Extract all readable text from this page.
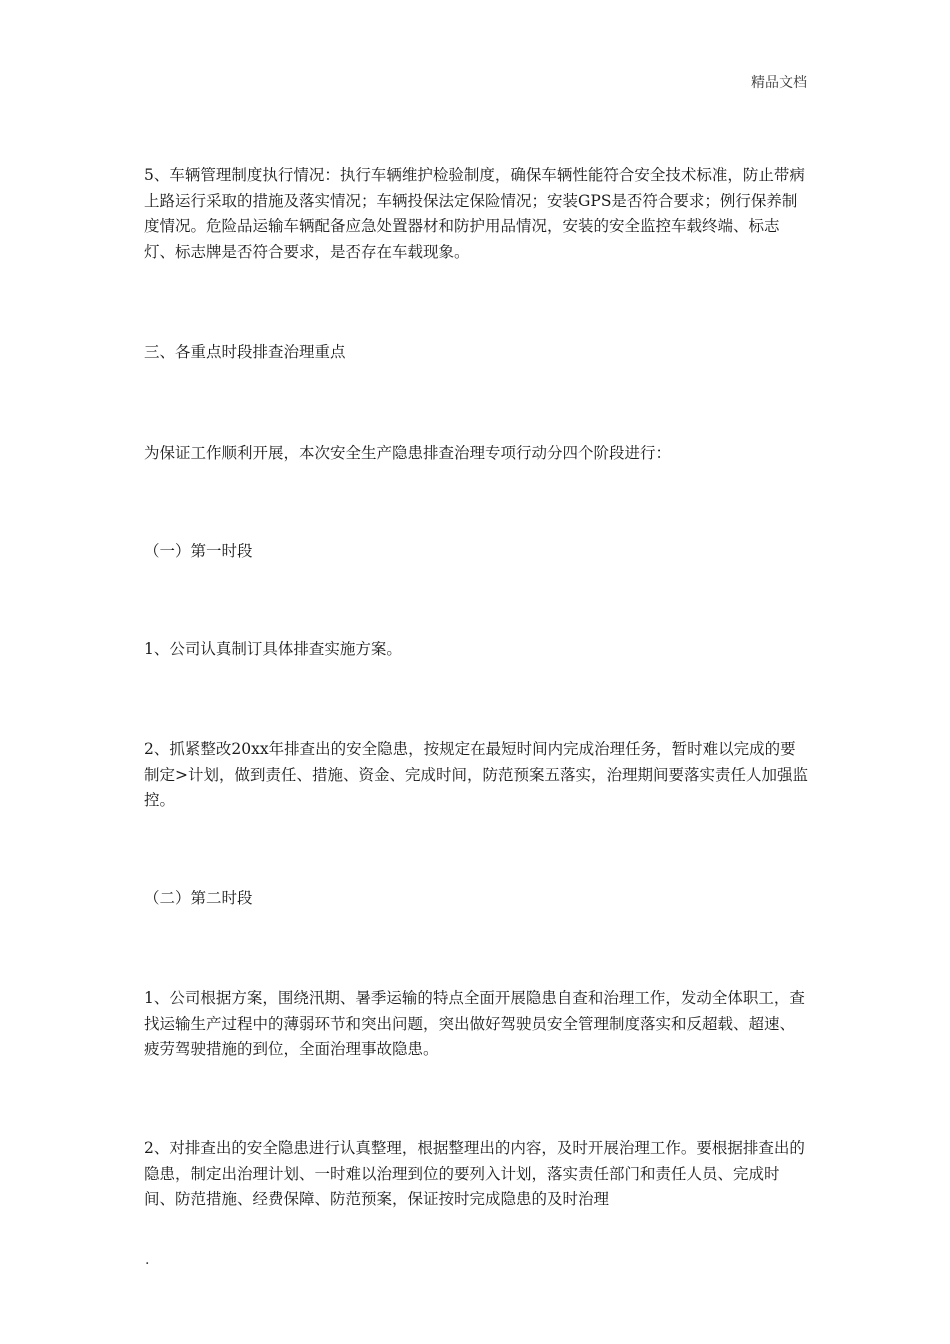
精品文档

5、车辆管理制度执行情况：执行车辆维护检验制度，确保车辆性能符合安全技术标准，防止带病上路运行采取的措施及落实情况；车辆投保法定保险情况；安装GPS是否符合要求；例行保养制度情况。危险品运输车辆配备应急处置器材和防护用品情况，安装的安全监控车载终端、标志灯、标志牌是否符合要求，是否存在车载现象。

三、各重点时段排查治理重点

为保证工作顺利开展，本次安全生产隐患排查治理专项行动分四个阶段进行：

（一）第一时段

1、公司认真制订具体排查实施方案。

2、抓紧整改20xx年排查出的安全隐患，按规定在最短时间内完成治理任务，暂时难以完成的要制定>计划，做到责任、措施、资金、完成时间，防范预案五落实，治理期间要落实责任人加强监控。

（二）第二时段

1、公司根据方案，围绕汛期、暑季运输的特点全面开展隐患自查和治理工作，发动全体职工，查找运输生产过程中的薄弱环节和突出问题，突出做好驾驶员安全管理制度落实和反超载、超速、疲劳驾驶措施的到位，全面治理事故隐患。

2、对排查出的安全隐患进行认真整理，根据整理出的内容，及时开展治理工作。要根据排查出的隐患，制定出治理计划、一时难以治理到位的要列入计划，落实责任部门和责任人员、完成时间、防范措施、经费保障、防范预案，保证按时完成隐患的及时治理

.
